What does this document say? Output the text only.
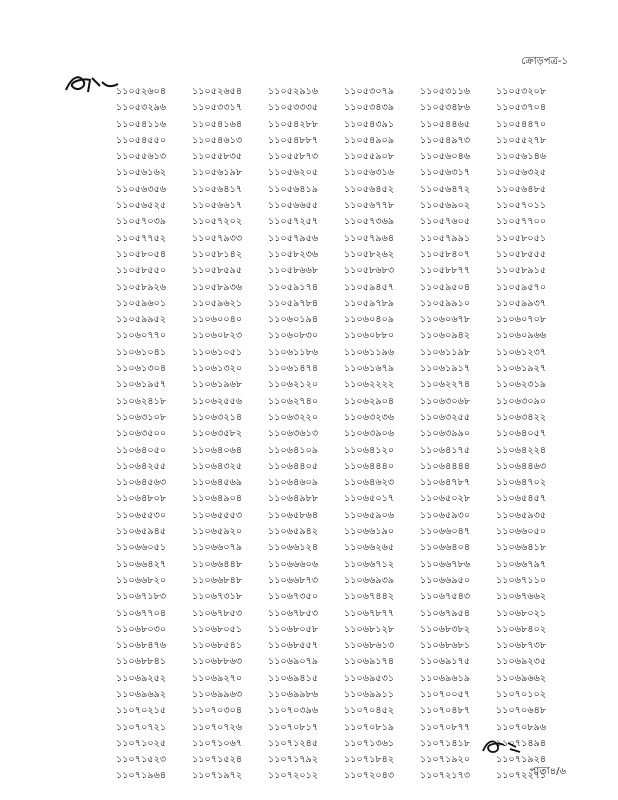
ক্রোড়পত্র-১
১১০৫২৬০৪	১১০৫২৬৫৪	১১০৫২৯১৬	১১০৫৩০৭৯	১১০৫৩১১৬	১১০৫৩২০৮
১১০৫৩২৯৬	১১০৫৩৩১৭	১১০৫৩৩৩৫	১১০৫৩৪৩৯	১১০৫৩৪৮৬	১১০৫৩৭০৪
১১০৫৪১১৬	১১০৫৪১৬৪	১১০৫৪২৮৮	১১০৫৪৩৯১	১১০৫৪৪৬৫	১১০৫৪৪৭০
১১০৫৪৫৫০	১১০৫৪৬১৩	১১০৫৪৮৮৭	১১০৫৪৯০৯	১১০৫৪৯৭৩	১১০৫৫২৭৮
১১০৫৫৬১৩	১১০৫৫৮৩৫	১১০৫৫৮৭৩	১১০৫৫৯০৮	১১০৫৬০৪৬	১১০৫৬১৪৬
১১০৫৬১৬২	১১০৫৬১৯৮	১১০৫৬২০৫	১১০৫৬৩১৬	১১০৫৬৩১৭	১১০৫৬৩২৫
১১০৫৬৩৫৬	১১০৫৬৪১৭	১১০৫৬৪১৯	১১০৫৬৪৫২	১১০৫৬৪৭২	১১০৫৬৪৮৫
১১০৫৬৫২৫	১১০৫৬৬১৭	১১০৫৬৬৫৫	১১০৫৬৭৭৮	১১০৫৬৯০২	১১০৫৭০১১
১১০৫৭০৩৯	১১০৫৭২০২	১১০৫৭২৫৭	১১০৫৭৩৬৯	১১০৫৭৬০৫	১১০৫৭৭০০
১১০৫৭৭৫২	১১০৫৭৯৩৩	১১০৫৭৯৫৬	১১০৫৭৯৬৪	১১০৫৭৯৯১	১১০৫৮০৫১
১১০৫৮০৫৪	১১০৫৮১৪২	১১০৫৮২৩৬	১১০৫৮২৬২	১১০৫৮৪০৭	১১০৫৮৫৫৫
১১০৫৮৫৫০	১১০৫৮৫৯৫	১১০৫৮৬৬৮	১১০৫৮৬৮৩	১১০৫৮৮৭৭	১১০৫৮৯১৫
১১০৫৮৯২৬	১১০৫৮৯৩৬	১১০৫৯১৭৪	১১০৫৯৪৫৭	১১০৫৯৫০৪	১১০৫৯৫৭০
১১০৫৯৬০১	১১০৫৯৬২১	১১০৫৯৭৮৪	১১০৫৯৭৮৯	১১০৫৯৯১০	১১০৫৯৯৩৭
১১০৫৯৯৫২	১১০৬০০৪০	১১০৬০১৯৪	১১০৬০৪০৯	১১০৬০৬৭৮	১১০৬০৭০৮
১১০৬০৭৭০	১১০৬০৮২৩	১১০৬০৮৩০	১১০৬০৮৮০	১১০৬০৯৪২	১১০৬০৯৬৬
১১০৬১০৪১	১১০৬১০৫১	১১০৬১১৮৬	১১০৬১১৯৬	১১০৬১১৯৮	১১০৬১২৩৭
১১০৬১৩০৪	১১০৬১৩২০	১১০৬১৪৭৪	১১০৬১৬৭৯	১১০৬১৯১৭	১১০৬১৯২৭
১১০৬১৯৫৭	১১০৬১৯৬৮	১১০৬২১২০	১১০৬২২২২	১১০৬২২৭৪	১১০৬২৩১৯
১১০৬২৪১৮	১১০৬২৫৫৬	১১০৬২৭৪০	১১০৬২৯০৪	১১০৬৩০৬৮	১১০৬৩০৯০
১১০৬৩১০৮	১১০৬৩২১৪	১১০৬৩২২০	১১০৬৩২৩৬	১১০৬৩২৫৫	১১০৬৩৪২২
১১০৬৩৫০০	১১০৬৩৫৮২	১১০৬৩৬১৩	১১০৬৩৯০৬	১১০৬৩৯৯০	১১০৬৪০৫৭
১১০৬৪০৫০	১১০৬৪০৬৪	১১০৬৪১০৯	১১০৬৪১২০	১১০৬৪১৭৫	১১০৬৪২২৪
১১০৬৪২৫৫	১১০৬৪৩২৫	১১০৬৪৪০৫	১১০৬৪৪৪০	১১০৬৪৪৪৪	১১০৬৪৪৬৩
১১০৬৪৫৬৩	১১০৬৪৫৬৯	১১০৬৪৬০৯	১১০৬৪৬২৩	১১০৬৪৭৮৭	১১০৬৪৭০২
১১০৬৪৮০৮	১১০৬৪৯০৪	১১০৬৪৯৮৮	১১০৬৫০১৭	১১০৬৫০২৮	১১০৬৫৪৫৭
১১০৬৫৫৩০	১১০৬৫৫৫৩	১১০৬৫৮৬৪	১১০৬৫৯০৬	১১০৬৫৯৩০	১১০৬৫৯৩৫
১১০৬৫৯৪৫	১১০৬৫৯২০	১১০৬৫৯৪২	১১০৬৬১৯০	১১০৬৬০৪৭	১১০৬৬০৫০
১১০৬৬০৫১	১১০৬৬০৭৯	১১০৬৬১২৪	১১০৬৬২৬৫	১১০৬৬৪০৪	১১০৬৬৪১৮
১১০৬৬৪২৭	১১০৬৬৪৪৮	১১০৬৬৬০৬	১১০৬৬৭১২	১১০৬৬৭৮৬	১১০৬৬৭৯৭
১১০৬৬৮২০	১১০৬৬৮৪৮	১১০৬৬৮৭৩	১১০৬৬৯৩৯	১১০৬৬৯৫০	১১০৬৭১১০
১১০৬৭১৮৩	১১০৬৭৩১৮	১১০৬৭৩৫০	১১০৬৭৪৪২	১১০৬৭৫৪৩	১১০৬৭৬৬২
১১০৬৭৭০৪	১১০৬৭৮৫৩	১১০৬৭৮৫৩	১১০৬৭৮৭৭	১১০৬৭৯৫৪	১১০৬৮০২১
১১০৬৮০৩০	১১০৬৮০৫১	১১০৬৮০৫৮	১১০৬৮১২৮	১১০৬৮৩৮২	১১০৬৮৪০২
১১০৬৮৪৭৬	১১০৬৮৫৪১	১১০৬৮৫৫৭	১১০৬৮৬১৩	১১০৬৮৬৮১	১১০৬৮৭৩৮
১১০৬৮৮৪১	১১০৬৮৮৬৩	১১০৬৯০৭৯	১১০৬৯১৭৪	১১০৬৯১৭৫	১১০৬৯২৩৫
১১০৬৯২৫২	১১০৬৯২৭০	১১০৬৯৪১৫	১১০৬৯৫৩১	১১০৬৯৬১৯	১১০৬৯৬৬২
১১০৬৯৬৯২	১১০৬৯৯৬৩	১১০৬৯৯৮৬	১১০৬৯৯১১	১১০৭০০৫৭	১১০৭০১০২
১১০৭০২১৫	১১০৭০৩০৪	১১০৭০৩৯৬	১১০৭০৪৫২	১১০৭০৪৮৭	১১০৭০৬৪৮
১১০৭০৭২১	১১০৭০৭২৬	১১০৭০৮১৭	১১০৭০৮১৯	১১০৭০৮৭৭	১১০৭০৮৯৬
১১০৭১০২৫	১১০৭১০৬৭	১১০৭১২৪৫	১১০৭১৩৬১	১১০৭১৪১৮	১১০৭১৪৯৪
১১০৭১৫২৩	১১০৭১৫২৪	১১০৭১৭৯২	১১০৭১৮৪২	১১০৭১৯২০	১১০৭১৯২৪
১১০৭১৯৬৪	১১০৭১৯৭২	১১০৭২০১২	১১০৭২০৪৩	১১০৭২১৭৩	১১০৭২২৭১
পাতা৪/৬
